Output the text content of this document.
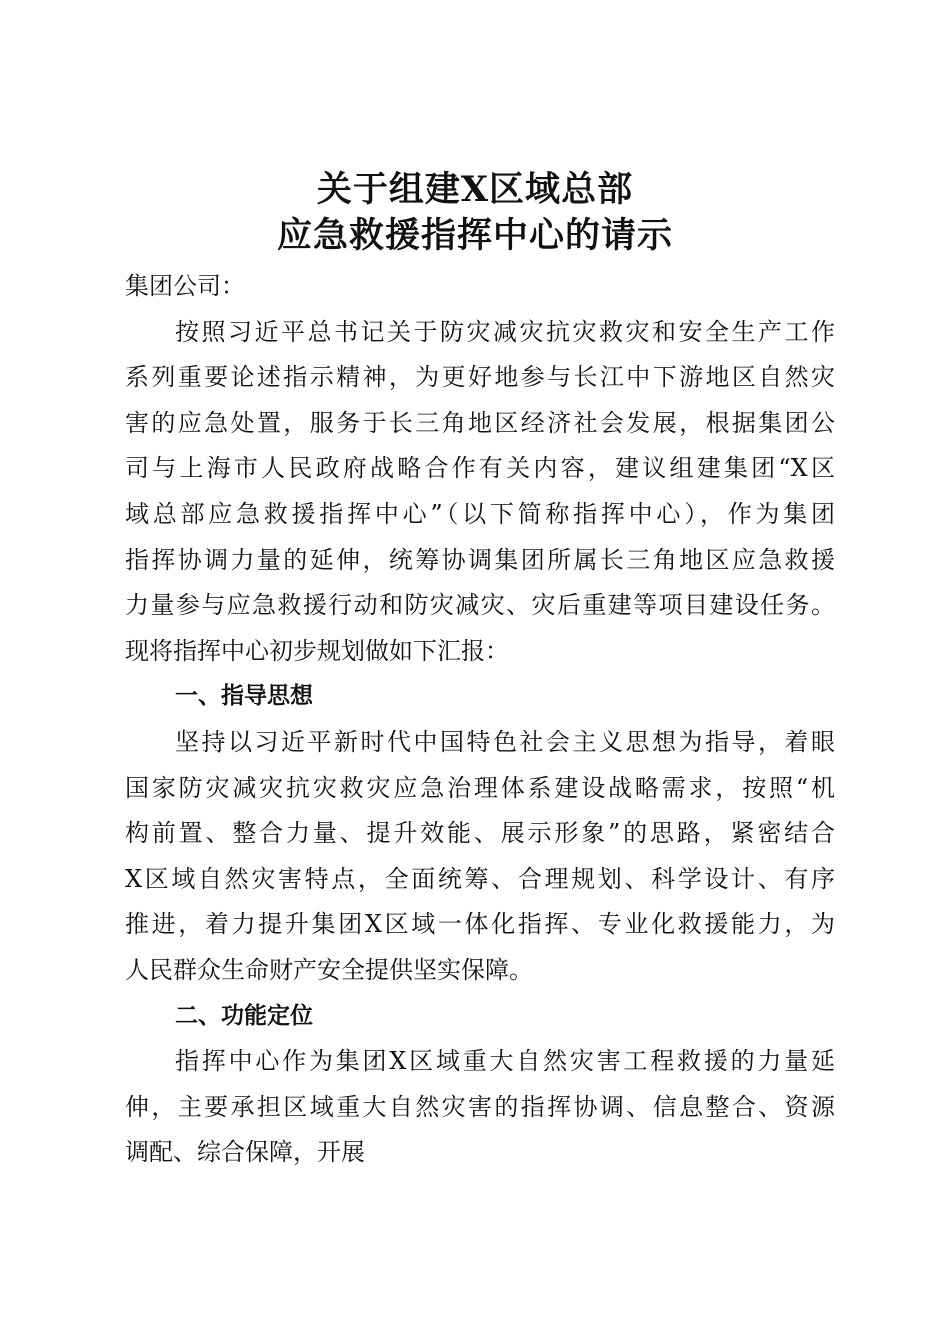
关于组建X区域总部
应急救援指挥中心的请示
集团公司：
按照习近平总书记关于防灾减灾抗灾救灾和安全生产工作
系列重要论述指示精神，为更好地参与长江中下游地区自然灾
害的应急处置，服务于长三角地区经济社会发展，根据集团公
司与上海市人民政府战略合作有关内容，建议组建集团“X区
域总部应急救援指挥中心”（以下简称指挥中心），作为集团
指挥协调力量的延伸，统筹协调集团所属长三角地区应急救援
力量参与应急救援行动和防灾减灾、灾后重建等项目建设任务。
现将指挥中心初步规划做如下汇报：
一、指导思想
坚持以习近平新时代中国特色社会主义思想为指导，着眼
国家防灾减灾抗灾救灾应急治理体系建设战略需求，按照“机
构前置、整合力量、提升效能、展示形象”的思路，紧密结合
X区域自然灾害特点，全面统筹、合理规划、科学设计、有序
推进，着力提升集团X区域一体化指挥、专业化救援能力，为
人民群众生命财产安全提供坚实保障。
二、功能定位
指挥中心作为集团X区域重大自然灾害工程救援的力量延
伸，主要承担区域重大自然灾害的指挥协调、信息整合、资源
调配、综合保障，开展
